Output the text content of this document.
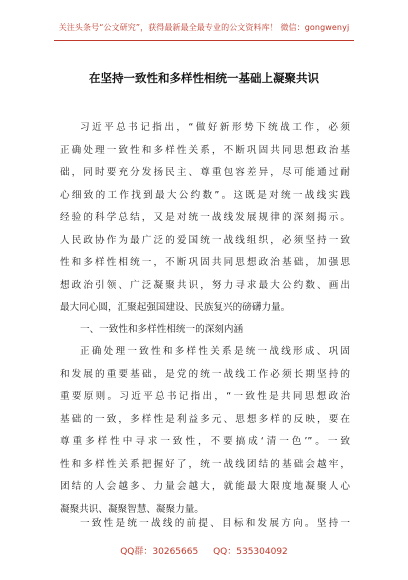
关注头条号“公文研究”，获得最新最全最专业的公文资料库！ 微信：gongwenyj
在坚持一致性和多样性相统一基础上凝聚共识
习近平总书记指出，“做好新形势下统战工作，必须
正确处理一致性和多样性关系，不断巩固共同思想政治基
础，同时要充分发扬民主、尊重包容差异，尽可能通过耐
心细致的工作找到最大公约数”。这既是对统一战线实践
经验的科学总结，又是对统一战线发展规律的深刻揭示。
人民政协作为最广泛的爱国统一战线组织，必须坚持一致
性和多样性相统一，不断巩固共同思想政治基础，加强思
想政治引领、广泛凝聚共识，努力寻求最大公约数、画出
最大同心圆，汇聚起强国建设、民族复兴的磅礴力量。
一、一致性和多样性相统一的深刻内涵
正确处理一致性和多样性关系是统一战线形成、巩固
和发展的重要基础，是党的统一战线工作必须长期坚持的
重要原则。习近平总书记指出，“一致性是共同思想政治
基础的一致，多样性是利益多元、思想多样的反映，要在
尊重多样性中寻求一致性，不要搞成‘清一色’”。一致
性和多样性关系把握好了，统一战线团结的基础会越牢，
团结的人会越多、力量会越大，就能最大限度地凝聚人心
凝聚共识、凝聚智慧、凝聚力量。
一致性是统一战线的前提、目标和发展方向。坚持一
QQ群：30265665 QQ：535304092
